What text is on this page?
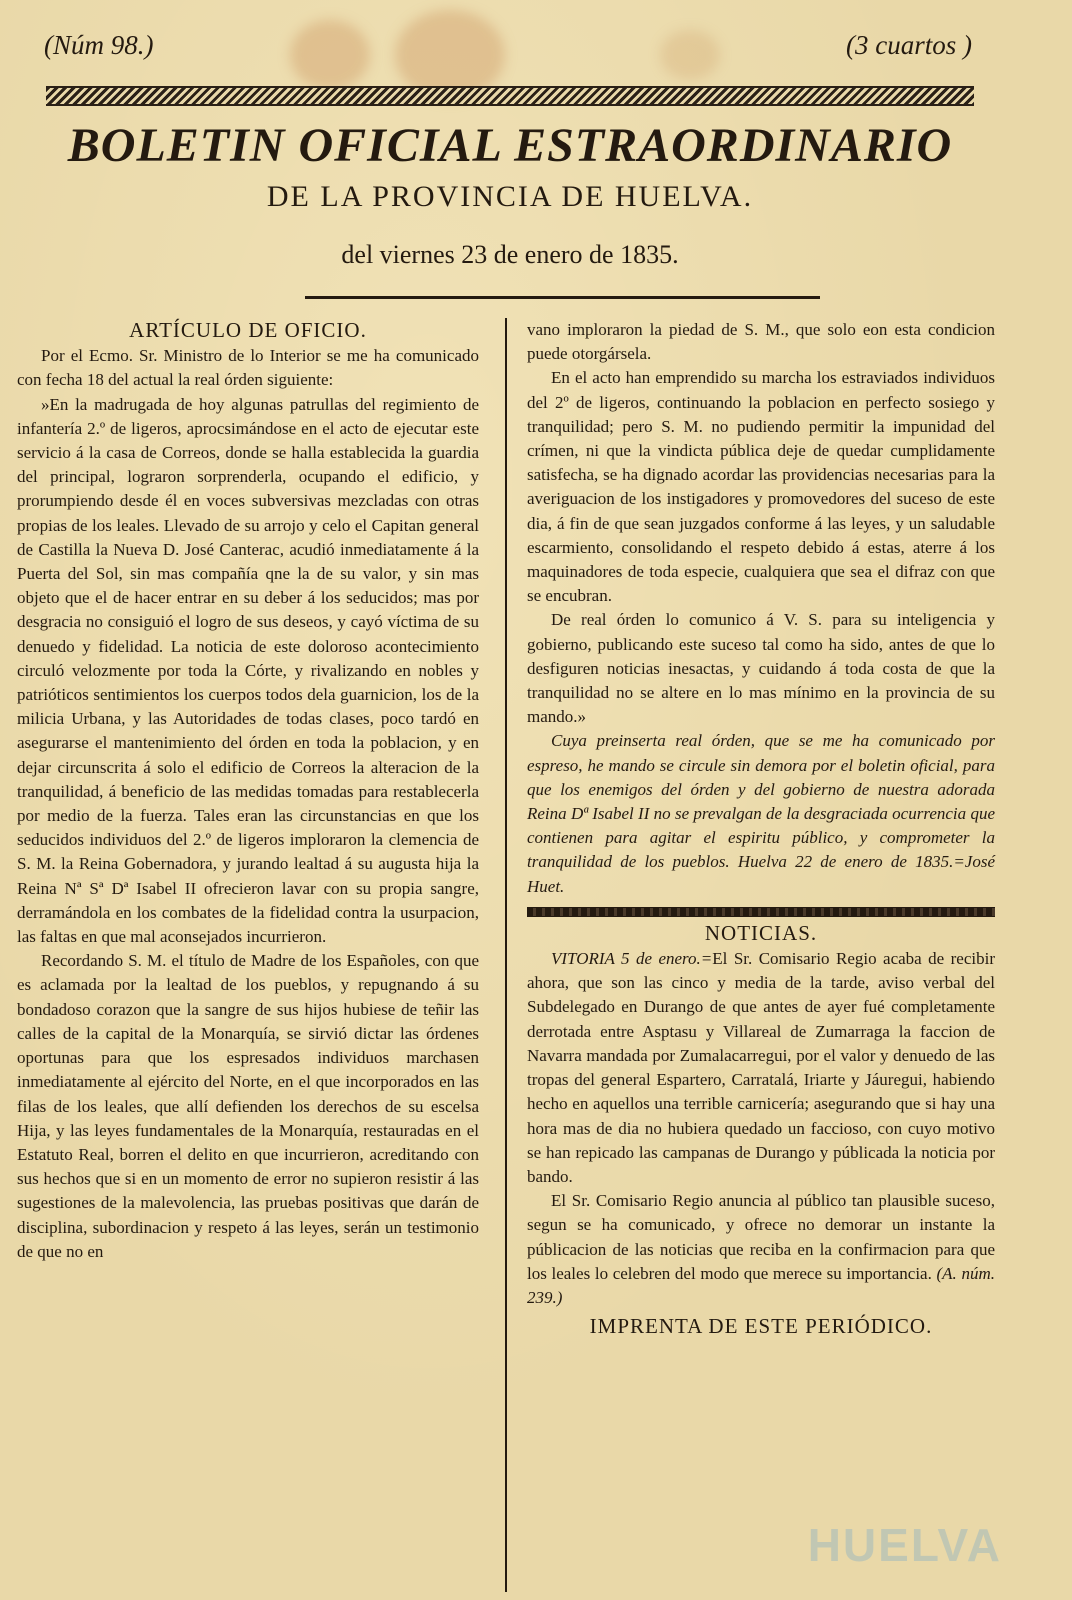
(Núm 98.)	(3 cuartos )
BOLETIN OFICIAL ESTRAORDINARIO
DE LA PROVINCIA DE HUELVA.
del viernes 23 de enero de 1835.
ARTÍCULO DE OFICIO.

Por el Ecmo. Sr. Ministro de lo Interior se me ha comunicado con fecha 18 del actual la real órden siguiente:

»En la madrugada de hoy algunas patrullas del regimiento de infantería 2.º de ligeros, aprocsimándose en el acto de ejecutar este servicio á la casa de Correos, donde se halla establecida la guardia del principal, lograron sorprenderla, ocupando el edificio, y prorumpiendo desde él en voces subversivas mezcladas con otras propias de los leales. Llevado de su arrojo y celo el Capitan general de Castilla la Nueva D. José Canterac, acudió inmediatamente á la Puerta del Sol, sin mas compañía qne la de su valor, y sin mas objeto que el de hacer entrar en su deber á los seducidos; mas por desgracia no consiguió el logro de sus deseos, y cayó víctima de su denuedo y fidelidad. La noticia de este doloroso acontecimiento circuló velozmente por toda la Córte, y rivalizando en nobles y patrióticos sentimientos los cuerpos todos dela guarnicion, los de la milicia Urbana, y las Autoridades de todas clases, poco tardó en asegurarse el mantenimiento del órden en toda la poblacion, y en dejar circunscrita á solo el edificio de Correos la alteracion de la tranquilidad, á beneficio de las medidas tomadas para restablecerla por medio de la fuerza. Tales eran las circunstancias en que los seducidos individuos del 2.º de ligeros imploraron la clemencia de S. M. la Reina Gobernadora, y jurando lealtad á su augusta hija la Reina Nª Sª Dª Isabel II ofrecieron lavar con su propia sangre, derramándola en los combates de la fidelidad contra la usurpacion, las faltas en que mal aconsejados incurrieron.

Recordando S. M. el título de Madre de los Españoles, con que es aclamada por la lealtad de los pueblos, y repugnando á su bondadoso corazon que la sangre de sus hijos hubiese de teñir las calles de la capital de la Monarquía, se sirvió dictar las órdenes oportunas para que los espresados individuos marchasen inmediatamente al ejército del Norte, en el que incorporados en las filas de los leales, que allí defienden los derechos de su escelsa Hija, y las leyes fundamentales de la Monarquía, restauradas en el Estatuto Real, borren el delito en que incurrieron, acreditando con sus hechos que si en un momento de error no supieron resistir á las sugestiones de la malevolencia, las pruebas positivas que darán de disciplina, subordinacion y respeto á las leyes, serán un testimonio de que no en

vano imploraron la piedad de S. M., que solo eon esta condicion puede otorgársela.

En el acto han emprendido su marcha los estraviados individuos del 2º de ligeros, continuando la poblacion en perfecto sosiego y tranquilidad; pero S. M. no pudiendo permitir la impunidad del crímen, ni que la vindicta pública deje de quedar cumplidamente satisfecha, se ha dignado acordar las providencias necesarias para la averiguacion de los instigadores y promovedores del suceso de este dia, á fin de que sean juzgados conforme á las leyes, y un saludable escarmiento, consolidando el respeto debido á estas, aterre á los maquinadores de toda especie, cualquiera que sea el difraz con que se encubran.

De real órden lo comunico á V. S. para su inteligencia y gobierno, publicando este suceso tal como ha sido, antes de que lo desfiguren noticias inesactas, y cuidando á toda costa de que la tranquilidad no se altere en lo mas mínimo en la provincia de su mando.»

Cuya preinserta real órden, que se me ha comunicado por espreso, he mando se circule sin demora por el boletin oficial, para que los enemigos del órden y del gobierno de nuestra adorada Reina Dª Isabel II no se prevalgan de la desgraciada ocurrencia que contienen para agitar el espiritu público, y comprometer la tranquilidad de los pueblos. Huelva 22 de enero de 1835.=José Huet.

NOTICIAS.

VITORIA 5 de enero.=El Sr. Comisario Regio acaba de recibir ahora, que son las cinco y media de la tarde, aviso verbal del Subdelegado en Durango de que antes de ayer fué completamente derrotada entre Asptasu y Villareal de Zumarraga la faccion de Navarra mandada por Zumalacarregui, por el valor y denuedo de las tropas del general Espartero, Carratalá, Iriarte y Jáuregui, habiendo hecho en aquellos una terrible carnicería; asegurando que si hay una hora mas de dia no hubiera quedado un faccioso, con cuyo motivo se han repicado las campanas de Durango y públicada la noticia por bando.

El Sr. Comisario Regio anuncia al público tan plausible suceso, segun se ha comunicado, y ofrece no demorar un instante la públicacion de las noticias que reciba en la confirmacion para que los leales lo celebren del modo que merece su importancia. (A. núm. 239.)

IMPRENTA DE ESTE PERIÓDICO.
HUELVA
